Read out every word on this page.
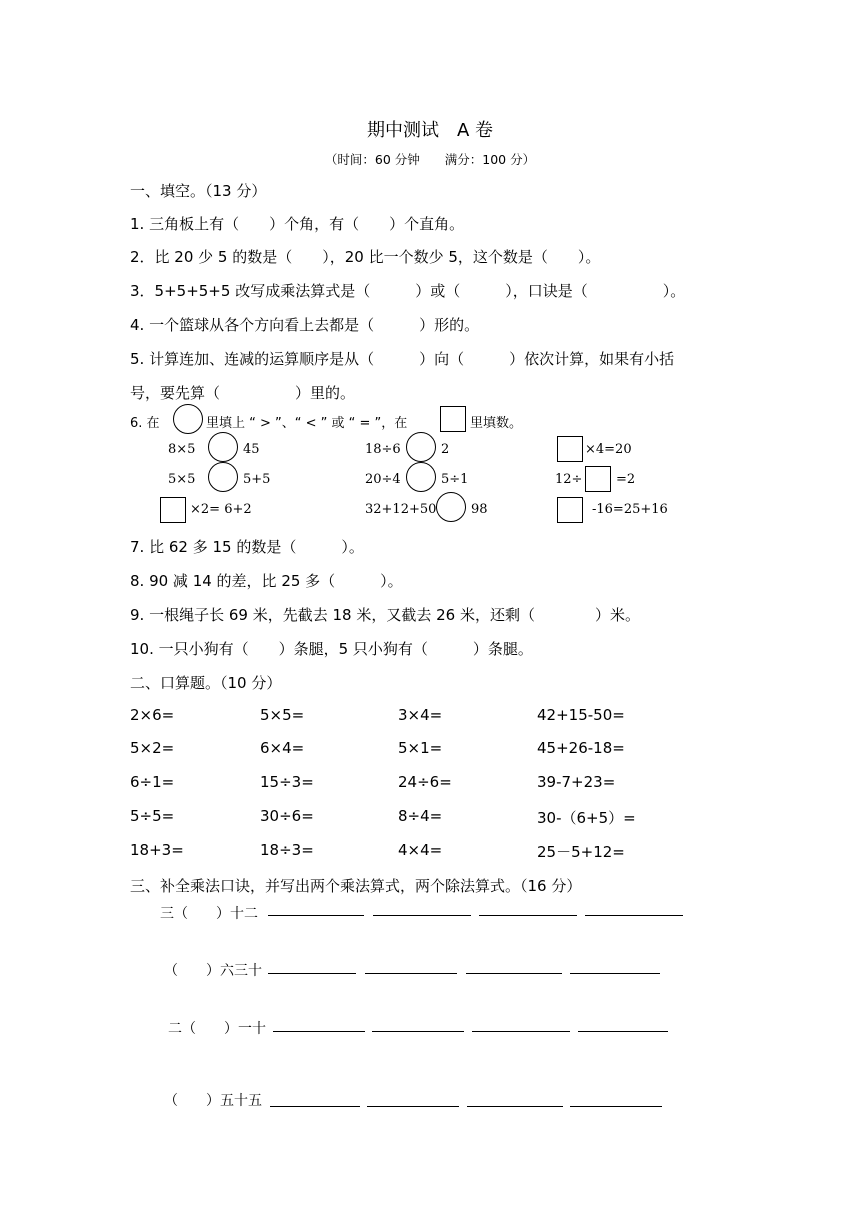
期中测试　A 卷
（时间：60 分钟　　满分：100 分）
一、填空。（13 分）
1. 三角板上有（　　）个角，有（　　）个直角。
2．比 20 少 5 的数是（　　），20 比一个数少 5，这个数是（　　）。
3．5+5+5+5 改写成乘法算式是（　　　）或（　　　），口诀是（　　　　　）。
4. 一个篮球从各个方向看上去都是（　　　）形的。
5. 计算连加、连减的运算顺序是从（　　　）向（　　　）依次计算，如果有小括
号，要先算（　　　　　）里的。
6. 在	里填上 “ > ”、“ < ” 或 “ = ”，在	里填数。
8×5	45	18÷6	2	×4=20
5×5	5+5	20÷4	5÷1	12÷	=2
×2= 6+2	32+12+50	98	-16=25+16
7. 比 62 多 15 的数是（　　　）。
8. 90 减 14 的差，比 25 多（　　　）。
9. 一根绳子长 69 米，先截去 18 米，又截去 26 米，还剩（　　　　）米。
10. 一只小狗有（　　）条腿，5 只小狗有（　　　）条腿。
二、口算题。（10 分）
2×6=	5×5=	3×4=	42+15-50=
5×2=	6×4=	5×1=	45+26-18=
6÷1=	15÷3=	24÷6=	39-7+23=
5÷5=	30÷6=	8÷4=	30-（6+5）=
18+3=	18÷3=	4×4=	25－5+12=
三、补全乘法口诀，并写出两个乘法算式，两个除法算式。（16 分）
三（　　）十二
（　　）六三十
二（　　）一十
（　　）五十五
